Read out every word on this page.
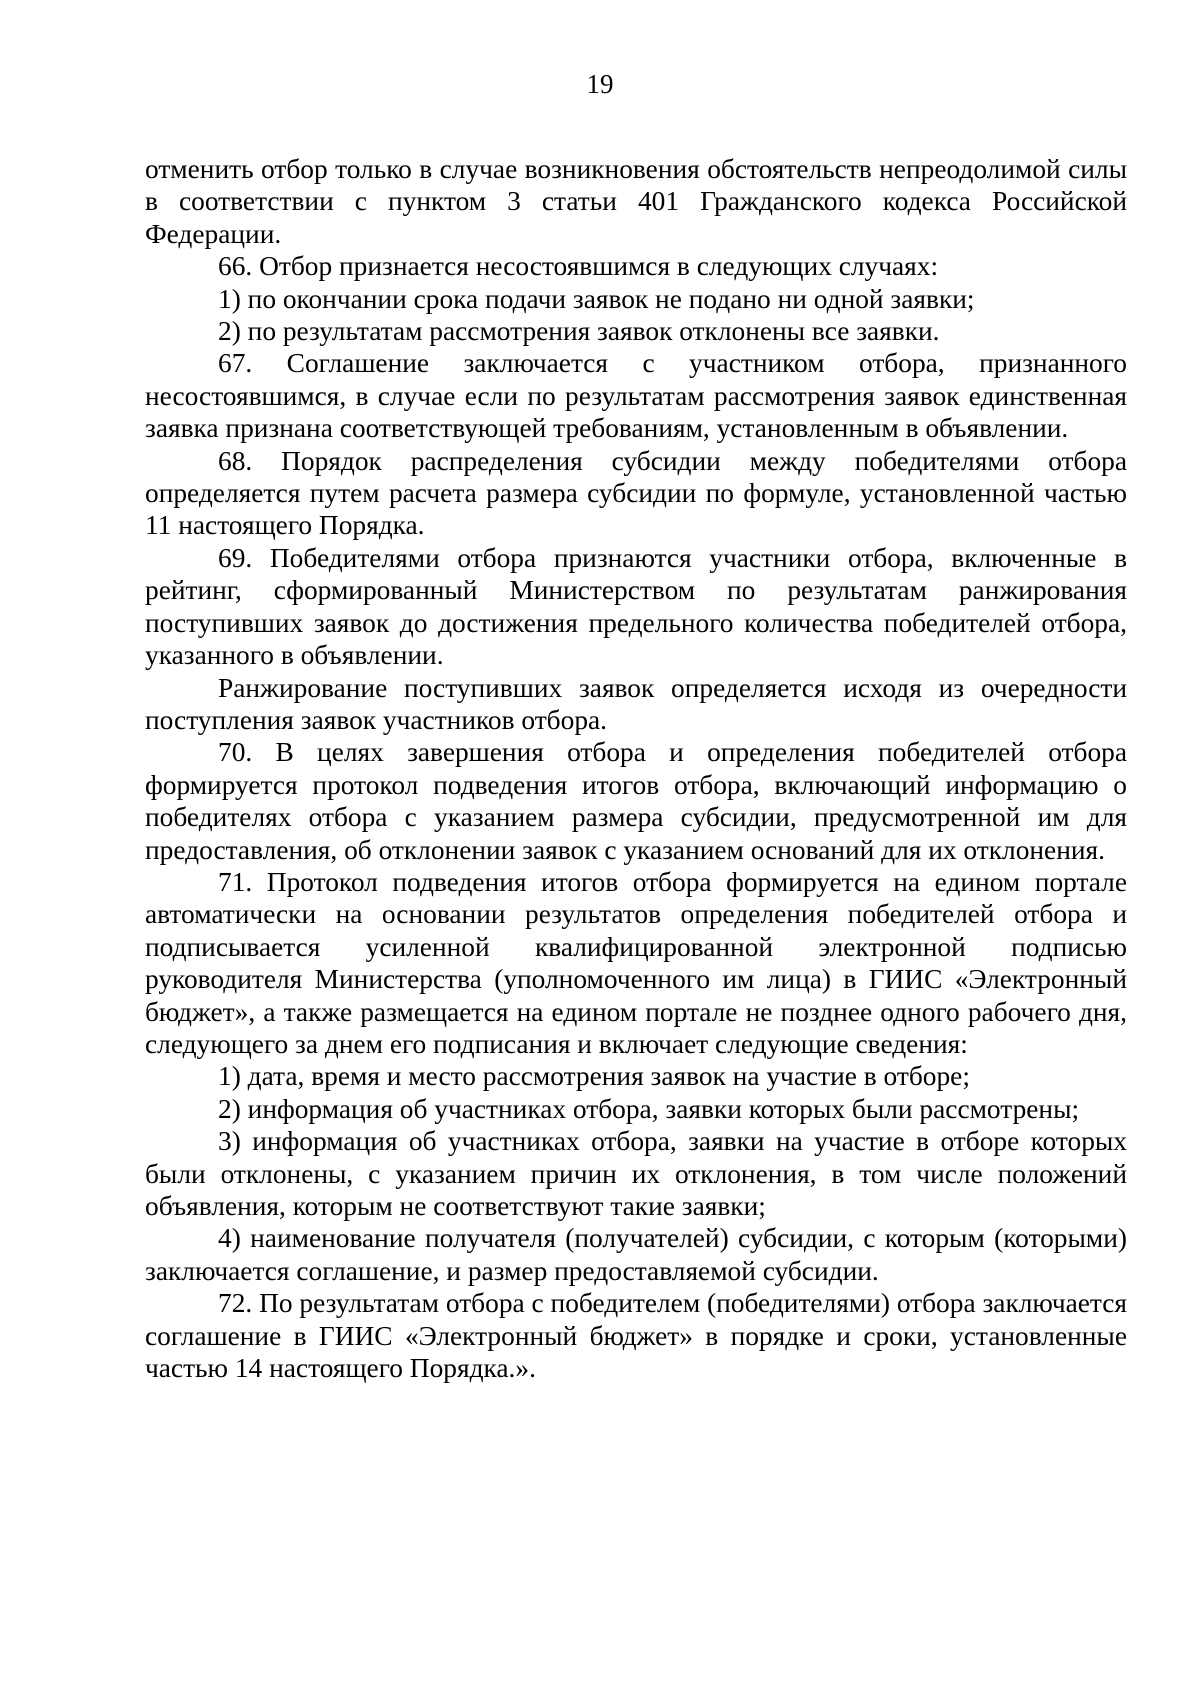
19

отменить отбор только в случае возникновения обстоятельств непреодолимой силы в соответствии с пунктом 3 статьи 401 Гражданского кодекса Российской Федерации.

66. Отбор признается несостоявшимся в следующих случаях:

1) по окончании срока подачи заявок не подано ни одной заявки;

2) по результатам рассмотрения заявок отклонены все заявки.

67. Соглашение заключается с участником отбора, признанного несостоявшимся, в случае если по результатам рассмотрения заявок единственная заявка признана соответствующей требованиям, установленным в объявлении.

68. Порядок распределения субсидии между победителями отбора определяется путем расчета размера субсидии по формуле, установленной частью 11 настоящего Порядка.

69. Победителями отбора признаются участники отбора, включенные в рейтинг, сформированный Министерством по результатам ранжирования поступивших заявок до достижения предельного количества победителей отбора, указанного в объявлении.

Ранжирование поступивших заявок определяется исходя из очередности поступления заявок участников отбора.

70. В целях завершения отбора и определения победителей отбора формируется протокол подведения итогов отбора, включающий информацию о победителях отбора с указанием размера субсидии, предусмотренной им для предоставления, об отклонении заявок с указанием оснований для их отклонения.

71. Протокол подведения итогов отбора формируется на едином портале автоматически на основании результатов определения победителей отбора и подписывается усиленной квалифицированной электронной подписью руководителя Министерства (уполномоченного им лица) в ГИИС «Электронный бюджет», а также размещается на едином портале не позднее одного рабочего дня, следующего за днем его подписания и включает следующие сведения:

1) дата, время и место рассмотрения заявок на участие в отборе;

2) информация об участниках отбора, заявки которых были рассмотрены;

3) информация об участниках отбора, заявки на участие в отборе которых были отклонены, с указанием причин их отклонения, в том числе положений объявления, которым не соответствуют такие заявки;

4) наименование получателя (получателей) субсидии, с которым (которыми) заключается соглашение, и размер предоставляемой субсидии.

72. По результатам отбора с победителем (победителями) отбора заключается соглашение в ГИИС «Электронный бюджет» в порядке и сроки, установленные частью 14 настоящего Порядка.».
